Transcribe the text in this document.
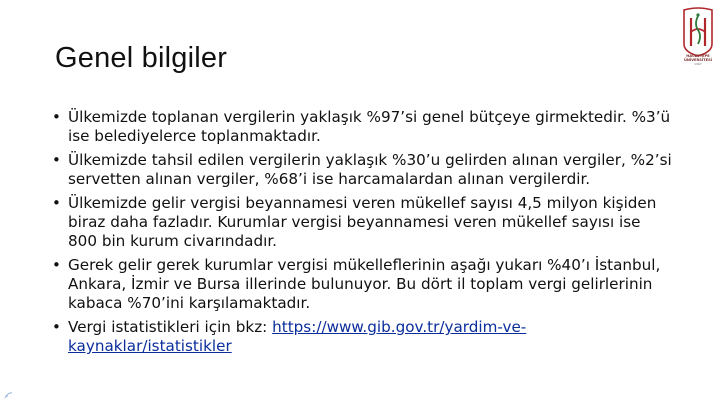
Genel bilgiler	HACETTEPE
ÜNİVERSİTESİ
1967
• Ülkemizde toplanan vergilerin yaklaşık %97’si genel bütçeye girmektedir. %3’ü ise belediyelerce toplanmaktadır.
• Ülkemizde tahsil edilen vergilerin yaklaşık %30’u gelirden alınan vergiler, %2’si servetten alınan vergiler, %68’i ise harcamalardan alınan vergilerdir.
• Ülkemizde gelir vergisi beyannamesi veren mükellef sayısı 4,5 milyon kişiden biraz daha fazladır. Kurumlar vergisi beyannamesi veren mükellef sayısı ise 800 bin kurum civarındadır.
• Gerek gelir gerek kurumlar vergisi mükelleflerinin aşağı yukarı %40’ı İstanbul, Ankara, İzmir ve Bursa illerinde bulunuyor. Bu dört il toplam vergi gelirlerinin kabaca %70’ini karşılamaktadır.
• Vergi istatistikleri için bkz: https://www.gib.gov.tr/yardim-ve-kaynaklar/istatistikler
